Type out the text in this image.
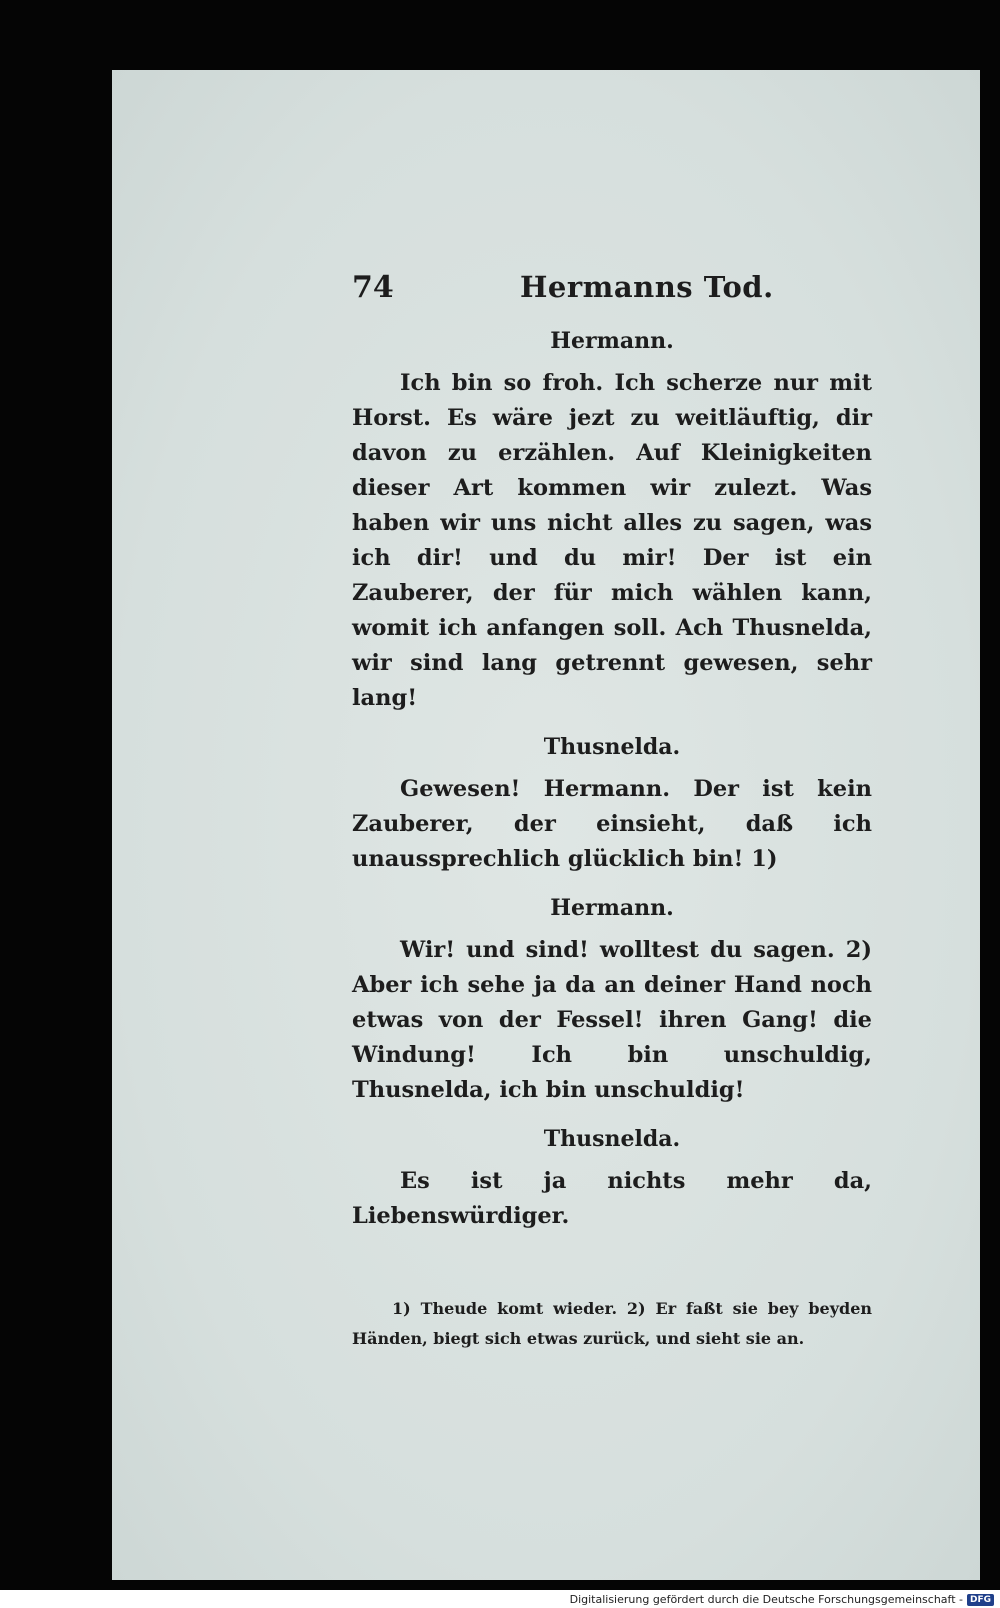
74	Hermanns Tod.
Hermann.

Ich bin so froh. Ich scherze nur mit Horst. Es wäre jezt zu weitläuftig, dir davon zu erzählen. Auf Kleinigkeiten dieser Art kommen wir zulezt. Was haben wir uns nicht alles zu sagen, was ich dir! und du mir! Der ist ein Zauberer, der für mich wählen kann, womit ich anfangen soll. Ach Thusnelda, wir sind lang getrennt gewesen, sehr lang!

Thusnelda.

Gewesen! Hermann. Der ist kein Zauberer, der einsieht, daß ich unaussprechlich glücklich bin! 1)

Hermann.

Wir! und sind! wolltest du sagen. 2) Aber ich sehe ja da an deiner Hand noch etwas von der Fessel! ihren Gang! die Windung! Ich bin unschuldig, Thusnelda, ich bin unschuldig!

Thusnelda.

Es ist ja nichts mehr da, Liebenswürdiger.

1) Theude komt wieder. 2) Er faßt sie bey beyden Händen, biegt sich etwas zurück, und sieht sie an.

Digitalisierung gefördert durch die Deutsche Forschungsgemeinschaft - DFG
